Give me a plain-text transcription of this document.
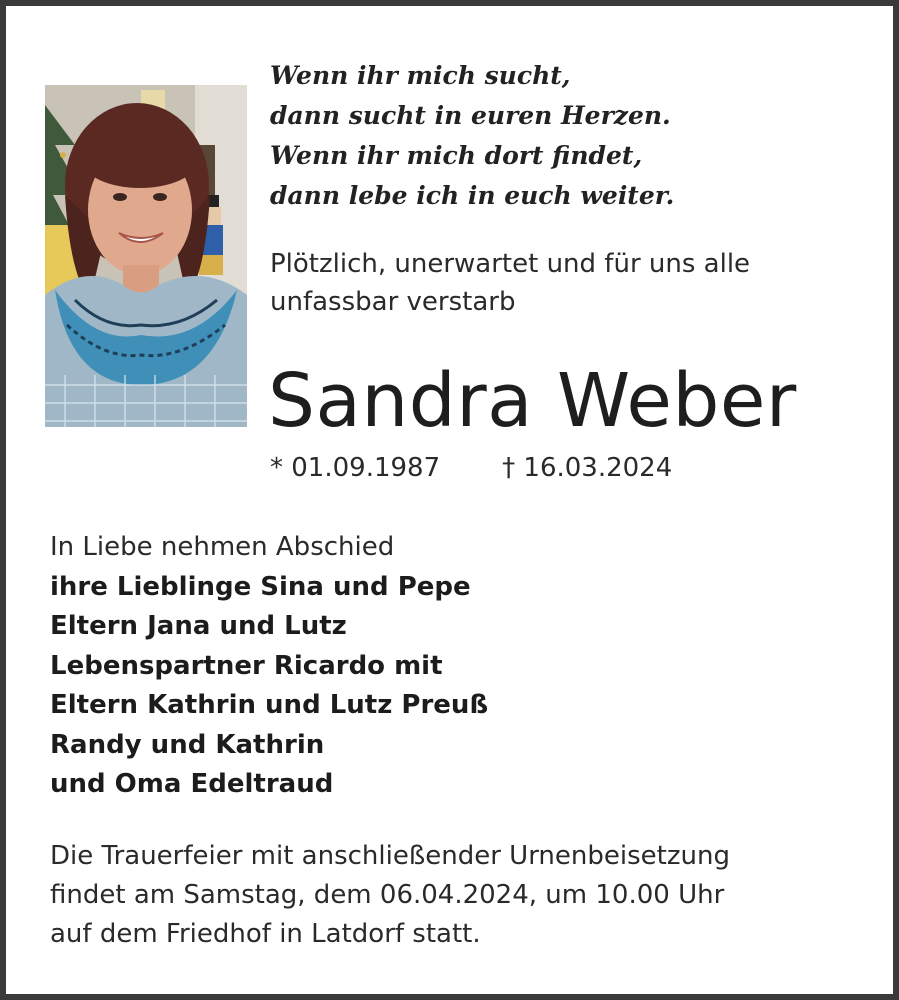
Wenn ihr mich sucht,
dann sucht in euren Herzen.
Wenn ihr mich dort findet,
dann lebe ich in euch weiter.
Plötzlich, unerwartet und für uns alle
unfassbar verstarb
Sandra Weber
* 01.09.1987 † 16.03.2024
In Liebe nehmen Abschied
ihre Lieblinge Sina und Pepe
Eltern Jana und Lutz
Lebenspartner Ricardo mit
Eltern Kathrin und Lutz Preuß
Randy und Kathrin
und Oma Edeltraud
Die Trauerfeier mit anschließender Urnenbeisetzung
findet am Samstag, dem 06.04.2024, um 10.00 Uhr
auf dem Friedhof in Latdorf statt.
